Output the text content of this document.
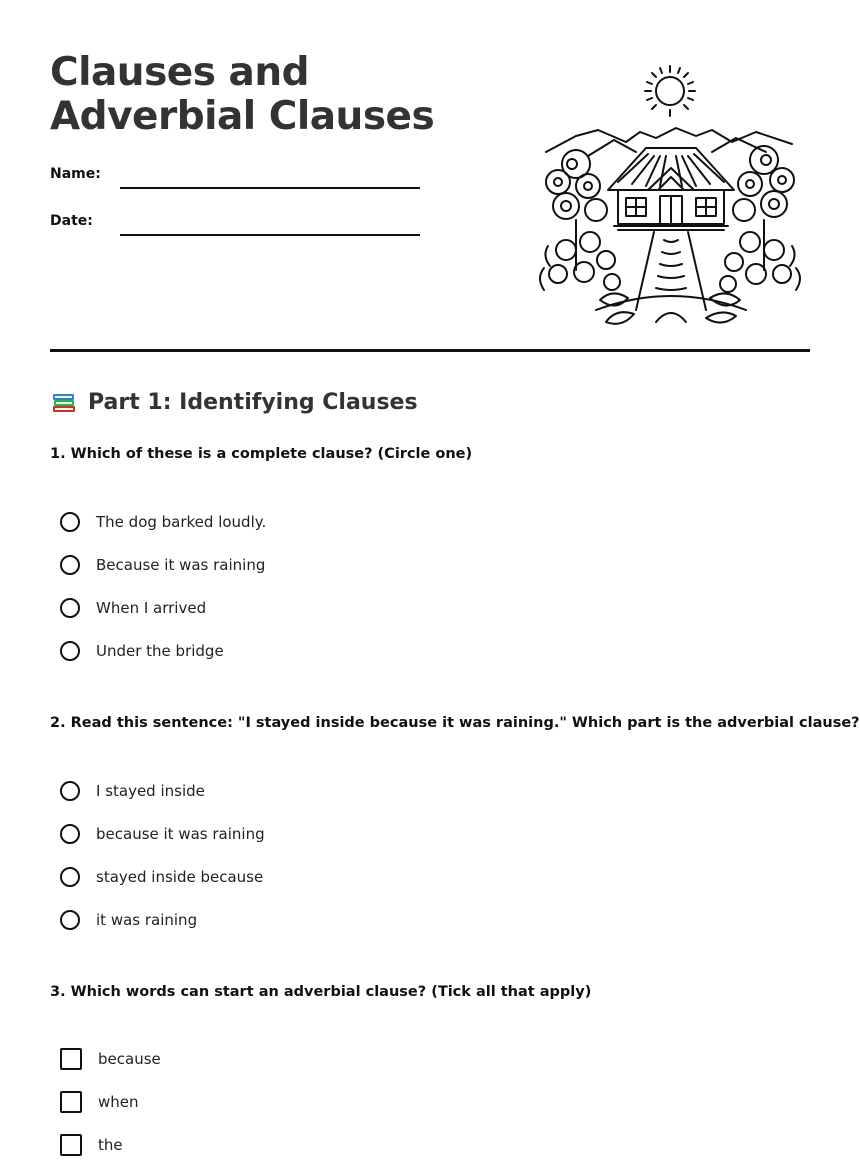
Clauses and Adverbial Clauses
Name:
Date:
Part 1: Identifying Clauses
1. Which of these is a complete clause? (Circle one)
The dog barked loudly.
Because it was raining
When I arrived
Under the bridge
2. Read this sentence: "I stayed inside because it was raining." Which part is the adverbial clause?
I stayed inside
because it was raining
stayed inside because
it was raining
3. Which words can start an adverbial clause? (Tick all that apply)
because
when
the
